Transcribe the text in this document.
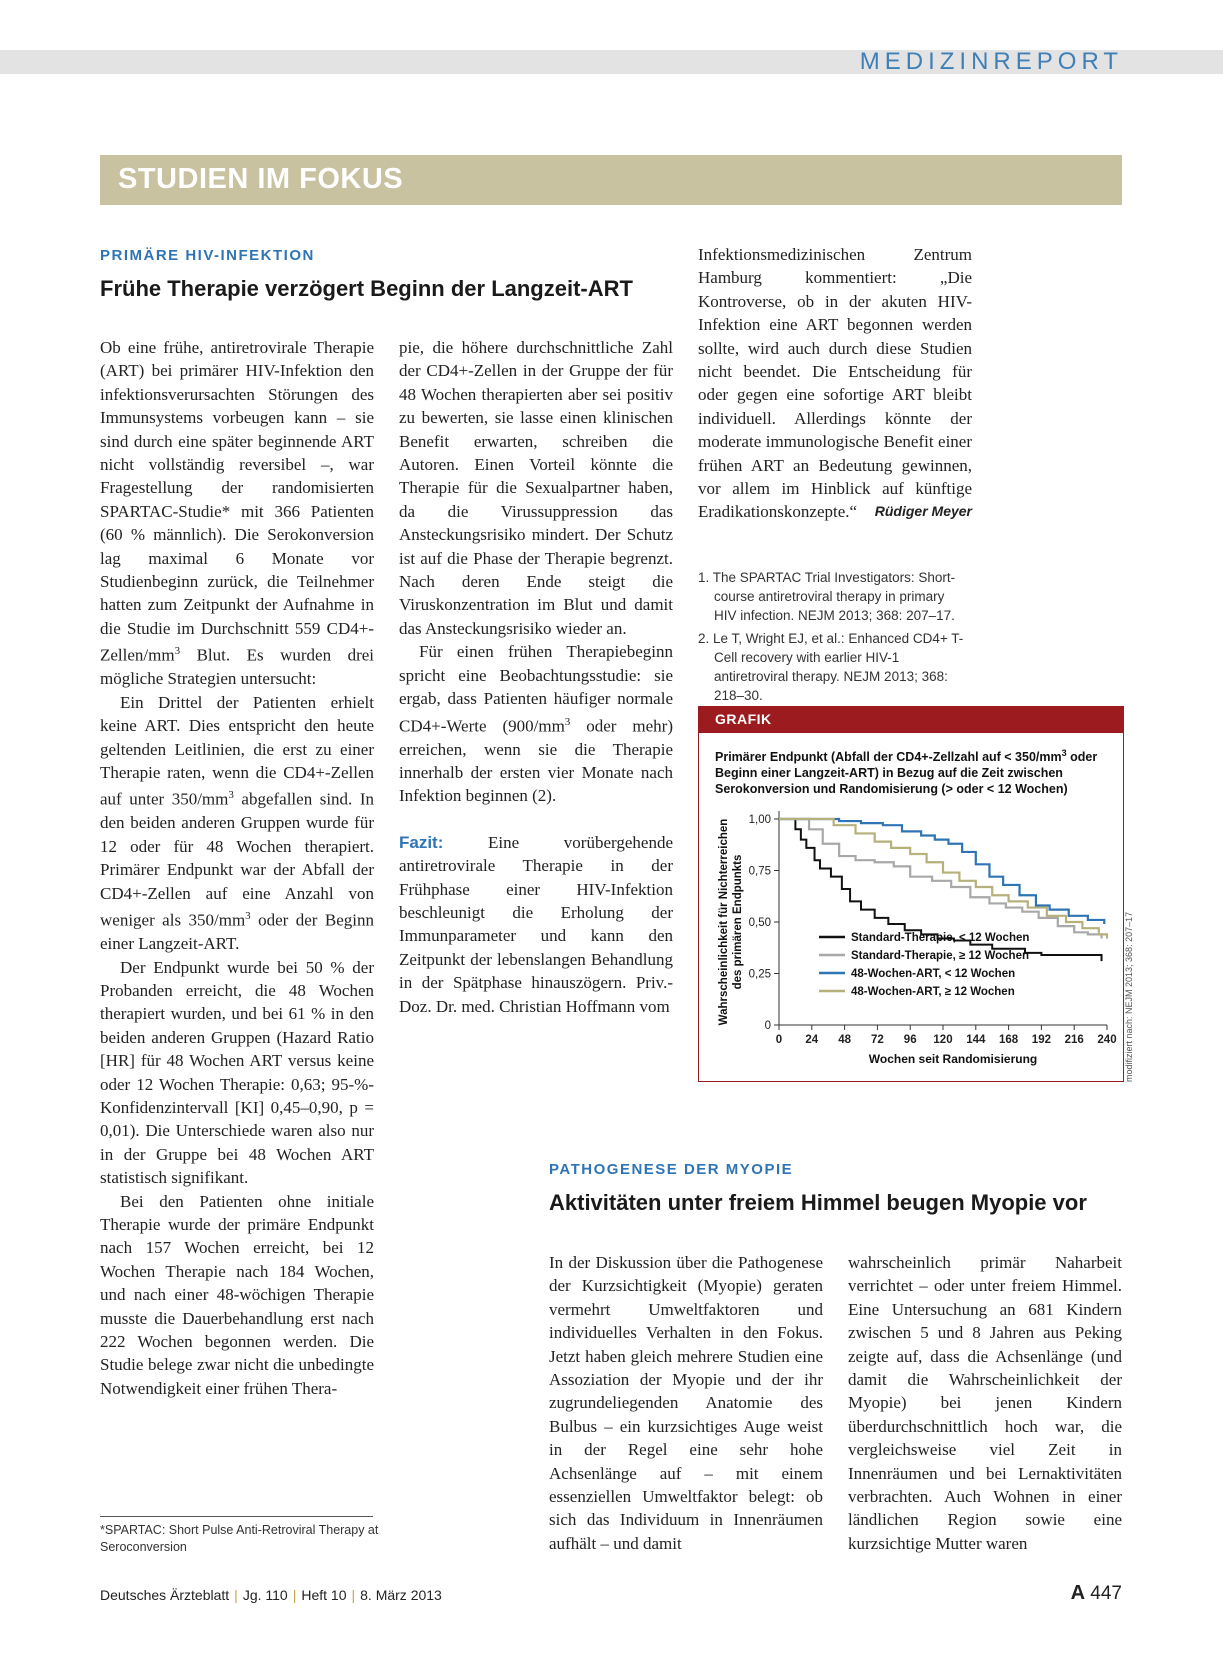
MEDIZINREPORT
STUDIEN IM FOKUS
PRIMÄRE HIV-INFEKTION
Frühe Therapie verzögert Beginn der Langzeit-ART

Ob eine frühe, antiretrovirale Therapie (ART) bei primärer HIV-Infektion den infektionsverursachten Störungen des Immunsystems vorbeugen kann – sie sind durch eine später beginnende ART nicht vollständig reversibel –, war Fragestellung der randomisierten SPARTAC-Studie* mit 366 Patienten (60 % männlich). Die Serokonversion lag maximal 6 Monate vor Studienbeginn zurück, die Teilnehmer hatten zum Zeitpunkt der Aufnahme in die Studie im Durchschnitt 559 $CD4+-Zellen/mm^3$ Blut. Es wurden drei mögliche Strategien untersucht:

Ein Drittel der Patienten erhielt keine ART. Dies entspricht den heute geltenden Leitlinien, die erst zu einer Therapie raten, wenn die CD4+-Zellen auf unter $350/mm^3$ abgefallen sind. In den beiden anderen Gruppen wurde für 12 oder für 48 Wochen therapiert. Primärer Endpunkt war der Abfall der CD4+-Zellen auf eine Anzahl von weniger als $350/mm^3$ oder der Beginn einer Langzeit-ART.

Der Endpunkt wurde bei 50 % der Probanden erreicht, die 48 Wochen therapiert wurden, und bei 61 % in den beiden anderen Gruppen (Hazard Ratio [HR] für 48 Wochen ART versus keine oder 12 Wochen Therapie: 0,63; 95-%-Konfidenzintervall [KI] 0,45–0,90, p = 0,01). Die Unterschiede waren also nur in der Gruppe bei 48 Wochen ART statistisch signifikant.

Bei den Patienten ohne initiale Therapie wurde der primäre Endpunkt nach 157 Wochen erreicht, bei 12 Wochen Therapie nach 184 Wochen, und nach einer 48-wöchigen Therapie musste die Dauerbehandlung erst nach 222 Wochen begonnen werden. Die Studie belege zwar nicht die unbedingte Notwendigkeit einer frühen Thera-

pie, die höhere durchschnittliche Zahl der CD4+-Zellen in der Gruppe der für 48 Wochen therapierten aber sei positiv zu bewerten, sie lasse einen klinischen Benefit erwarten, schreiben die Autoren. Einen Vorteil könnte die Therapie für die Sexualpartner haben, da die Virussuppression das Ansteckungsrisiko mindert. Der Schutz ist auf die Phase der Therapie begrenzt. Nach deren Ende steigt die Viruskonzentration im Blut und damit das Ansteckungsrisiko wieder an.

Für einen frühen Therapiebeginn spricht eine Beobachtungsstudie: sie ergab, dass Patienten häufiger normale CD4+-Werte ($900/mm^3$ oder mehr) erreichen, wenn sie die Therapie innerhalb der ersten vier Monate nach Infektion beginnen (2).

Fazit: Eine vorübergehende antiretrovirale Therapie in der Frühphase einer HIV-Infektion beschleunigt die Erholung der Immunparameter und kann den Zeitpunkt der lebenslangen Behandlung in der Spätphase hinauszögern. Priv.-Doz. Dr. med. Christian Hoffmann vom

Infektionsmedizinischen Zentrum Hamburg kommentiert: „Die Kontroverse, ob in der akuten HIV-Infektion eine ART begonnen werden sollte, wird auch durch diese Studien nicht beendet. Die Entscheidung für oder gegen eine sofortige ART bleibt individuell. Allerdings könnte der moderate immunologische Benefit einer frühen ART an Bedeutung gewinnen, vor allem im Hinblick auf künftige Eradikationskonzepte.“ Rüdiger Meyer

1. The SPARTAC Trial Investigators: Short-course antiretroviral therapy in primary HIV infection. NEJM 2013; 368: 207–17.
2. Le T, Wright EJ, et al.: Enhanced CD4+ T-Cell recovery with earlier HIV-1 antiretroviral therapy. NEJM 2013; 368: 218–30.
*SPARTAC: Short Pulse Anti-Retroviral Therapy at Seroconversion
GRAFIK
Primärer Endpunkt (Abfall der CD4+-Zellzahl auf < $350/mm^3$ oder Beginn einer Langzeit-ART) in Bezug auf die Zeit zwischen Serokonversion und Randomisierung (> oder < 12 Wochen)
0
0,25
0,50
0,75
1,00
0 24 48 72 96 120 144 168 192 216 240
Wochen seit Randomisierung
Wahrscheinlichkeit für Nichterreichen des primären Endpunkts	Standard-Therapie, < 12 Wochen
Standard-Therapie, ≥ 12 Wochen
48-Wochen-ART, < 12 Wochen
48-Wochen-ART, ≥ 12 Wochen	modifiziert nach: NEJM 2013; 368: 207–17
PATHOGENESE DER MYOPIE
Aktivitäten unter freiem Himmel beugen Myopie vor

In der Diskussion über die Pathogenese der Kurzsichtigkeit (Myopie) geraten vermehrt Umweltfaktoren und individuelles Verhalten in den Fokus. Jetzt haben gleich mehrere Studien eine Assoziation der Myopie und der ihr zugrundeliegenden Anatomie des Bulbus – ein kurzsichtiges Auge weist in der Regel eine sehr hohe Achsenlänge auf – mit einem essenziellen Umweltfaktor belegt: ob sich das Individuum in Innenräumen aufhält – und damit

wahrscheinlich primär Naharbeit verrichtet – oder unter freiem Himmel. Eine Untersuchung an 681 Kindern zwischen 5 und 8 Jahren aus Peking zeigte auf, dass die Achsenlänge (und damit die Wahrscheinlichkeit der Myopie) bei jenen Kindern überdurchschnittlich hoch war, die vergleichsweise viel Zeit in Innenräumen und bei Lernaktivitäten verbrachten. Auch Wohnen in einer ländlichen Region sowie eine kurzsichtige Mutter waren

Deutsches Ärzteblatt | Jg. 110 | Heft 10 | 8. März 2013	A 447
